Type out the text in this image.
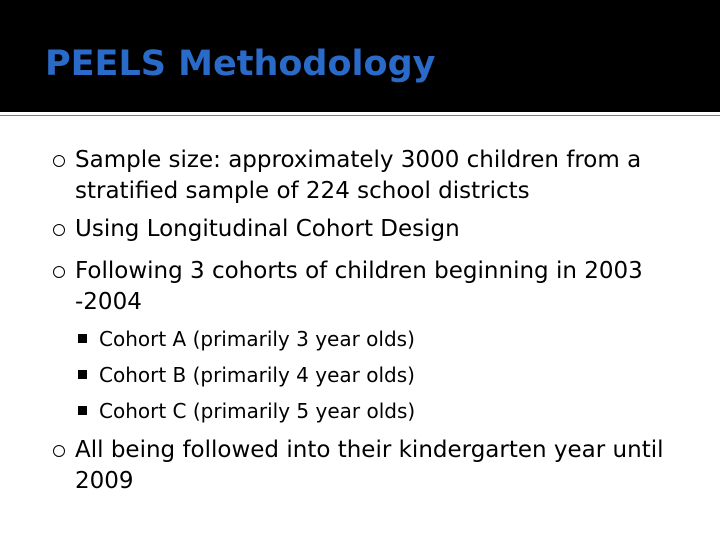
PEELS Methodology
Sample size: approximately 3000 children from a stratified sample of 224 school districts
Using Longitudinal Cohort Design
Following 3 cohorts of children beginning in 2003 -2004
Cohort A (primarily 3 year olds)
Cohort B (primarily 4 year olds)
Cohort C (primarily 5 year olds)
All being followed into their kindergarten year until 2009
